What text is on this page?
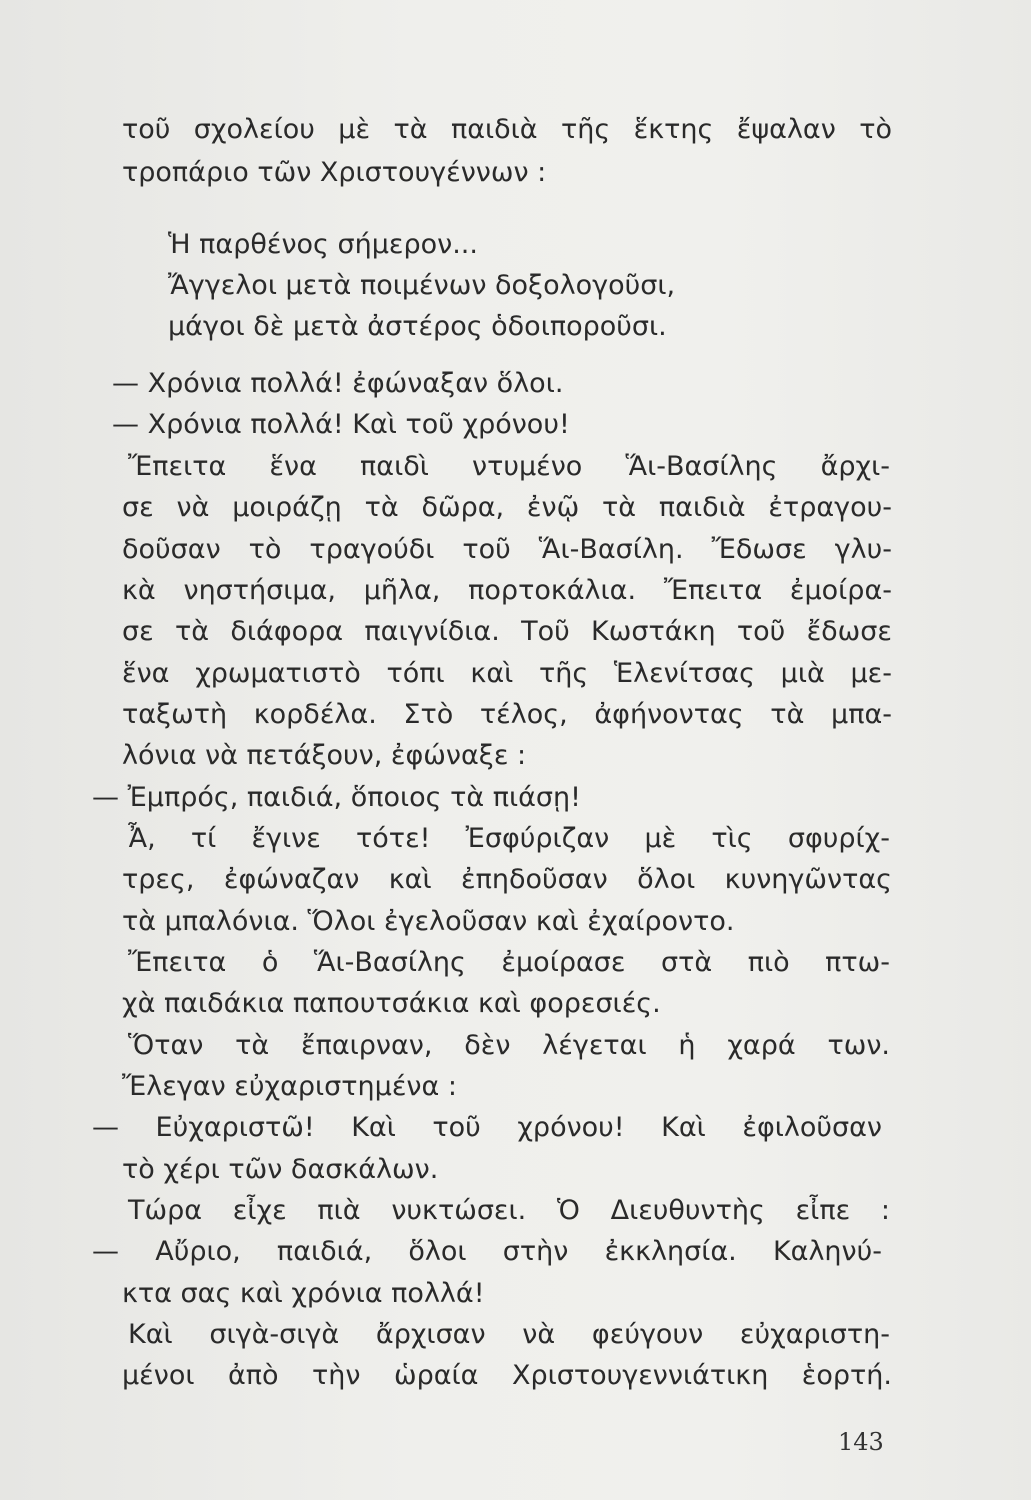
τοῦ σχολείου μὲ τὰ παιδιὰ τῆς ἕκτης ἔψαλαν τὸ
τροπάριο τῶν Χριστουγέννων :
Ἡ παρθένος σήμερον...
Ἄγγελοι μετὰ ποιμένων δοξολογοῦσι,
μάγοι δὲ μετὰ ἀστέρος ὁδοιποροῦσι.
— Χρόνια πολλά! ἐφώναξαν ὅλοι.
— Χρόνια πολλά! Καὶ τοῦ χρόνου!
Ἔπειτα ἕνα παιδὶ ντυμένο Ἅι-Βασίλης ἄρχι-
σε νὰ μοιράζῃ τὰ δῶρα, ἐνῷ τὰ παιδιὰ ἐτραγου-
δοῦσαν τὸ τραγούδι τοῦ Ἅι-Βασίλη. Ἔδωσε γλυ-
κὰ νηστήσιμα, μῆλα, πορτοκάλια. Ἔπειτα ἐμοίρα-
σε τὰ διάφορα παιγνίδια. Τοῦ Κωστάκη τοῦ ἔδωσε
ἕνα χρωματιστὸ τόπι καὶ τῆς Ἑλενίτσας μιὰ με-
ταξωτὴ κορδέλα. Στὸ τέλος, ἀφήνοντας τὰ μπα-
λόνια νὰ πετάξουν, ἐφώναξε :
— Ἐμπρός, παιδιά, ὅποιος τὰ πιάσῃ!
Ἆ, τί ἔγινε τότε! Ἐσφύριζαν μὲ τὶς σφυρίχ-
τρες, ἐφώναζαν καὶ ἐπηδοῦσαν ὅλοι κυνηγῶντας
τὰ μπαλόνια. Ὅλοι ἐγελοῦσαν καὶ ἐχαίροντο.
Ἔπειτα ὁ Ἅι-Βασίλης ἐμοίρασε στὰ πιὸ πτω-
χὰ παιδάκια παπουτσάκια καὶ φορεσιές.
Ὅταν τὰ ἔπαιρναν, δὲν λέγεται ἡ χαρά των.
Ἔλεγαν εὐχαριστημένα :
— Εὐχαριστῶ! Καὶ τοῦ χρόνου! Καὶ ἐφιλοῦσαν
τὸ χέρι τῶν δασκάλων.
Τώρα εἶχε πιὰ νυκτώσει. Ὁ Διευθυντὴς εἶπε :
— Αὔριο, παιδιά, ὅλοι στὴν ἐκκλησία. Καληνύ-
κτα σας καὶ χρόνια πολλά!
Καὶ σιγὰ-σιγὰ ἄρχισαν νὰ φεύγουν εὐχαριστη-
μένοι ἀπὸ τὴν ὡραία Χριστουγεννιάτικη ἑορτή.
143
